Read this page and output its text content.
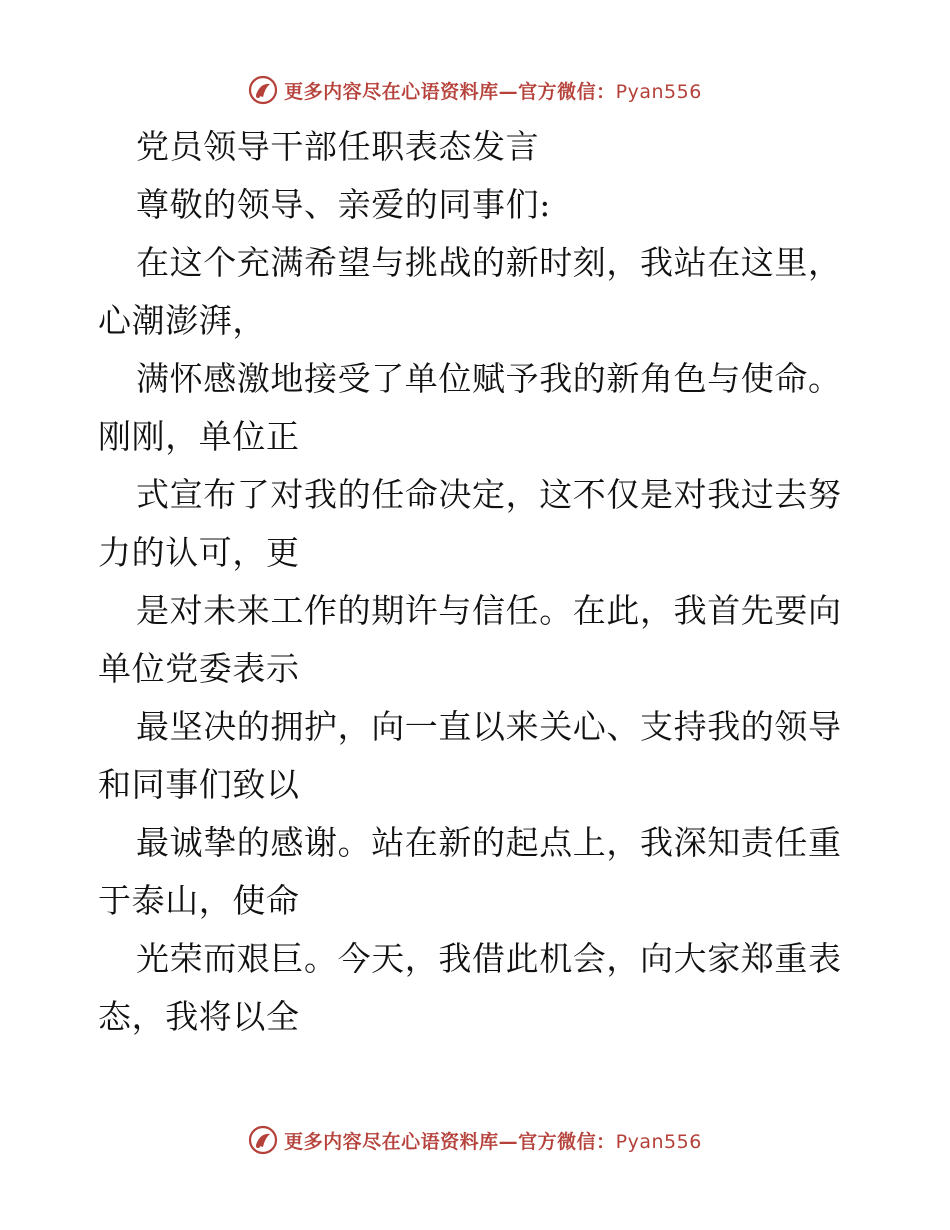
更多内容尽在心语资料库—官方微信：Pyan556
党员领导干部任职表态发言
尊敬的领导、亲爱的同事们:
在这个充满希望与挑战的新时刻，我站在这里，
心潮澎湃，
满怀感激地接受了单位赋予我的新角色与使命。
刚刚，单位正
式宣布了对我的任命决定，这不仅是对我过去努
力的认可，更
是对未来工作的期许与信任。在此，我首先要向
单位党委表示
最坚决的拥护，向一直以来关心、支持我的领导
和同事们致以
最诚挚的感谢。站在新的起点上，我深知责任重
于泰山，使命
光荣而艰巨。今天，我借此机会，向大家郑重表
态，我将以全
更多内容尽在心语资料库—官方微信：Pyan556
